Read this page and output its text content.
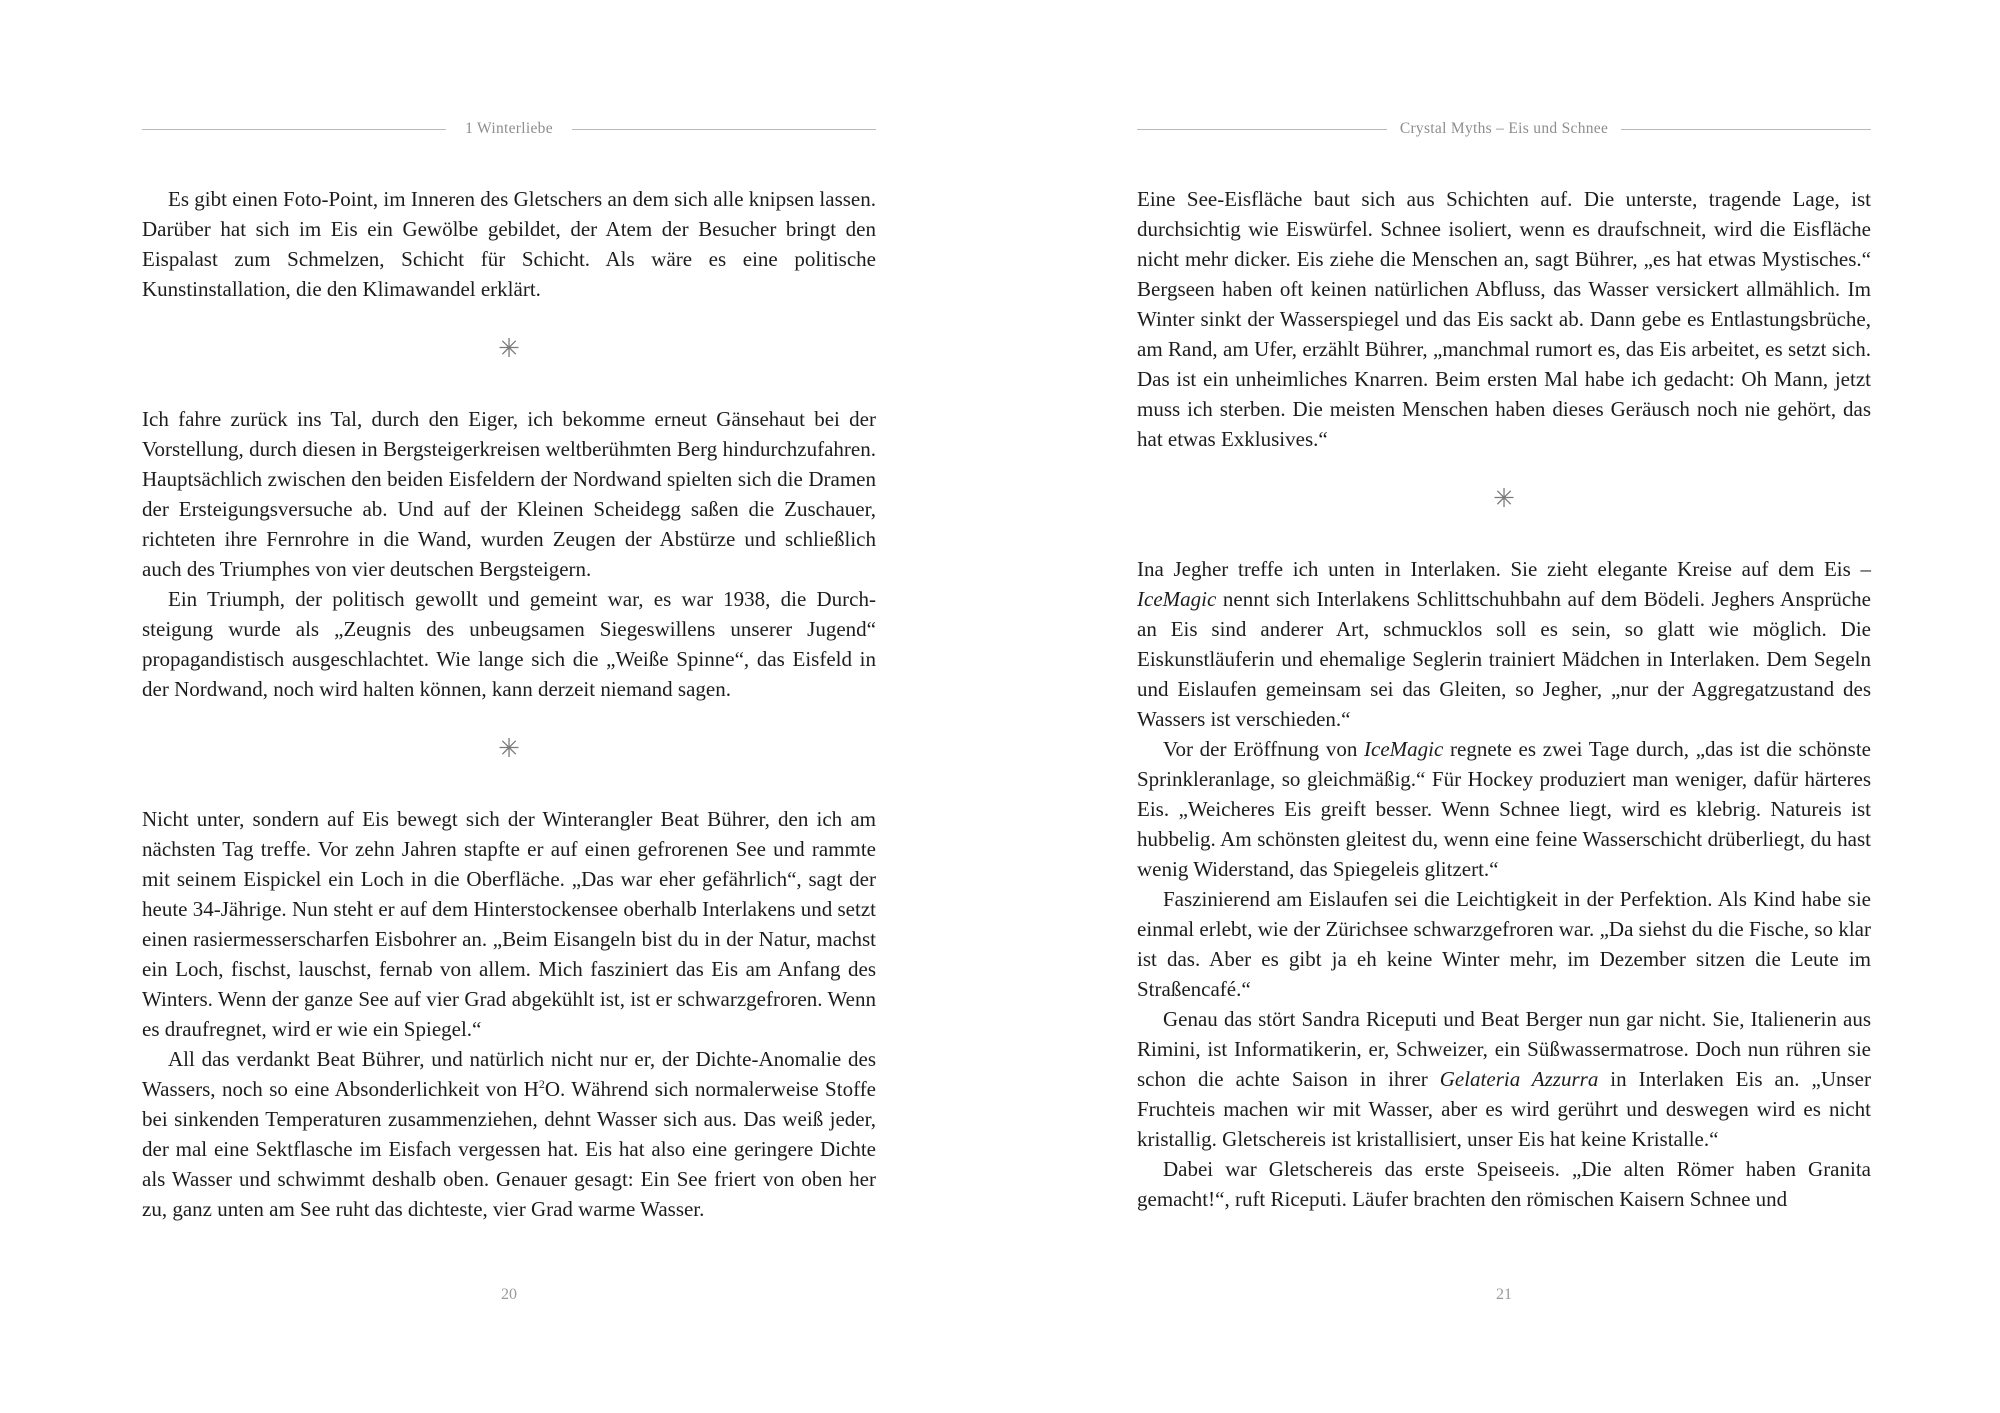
1 Winterliebe

Es gibt einen Foto-Point, im Inneren des Gletschers an dem sich alle knipsen lassen. Darüber hat sich im Eis ein Gewölbe gebildet, der Atem der Besucher bringt den Eispalast zum Schmelzen, Schicht für Schicht. Als wäre es eine politische Kunstinstallation, die den Klimawandel erklärt.

✳

Ich fahre zurück ins Tal, durch den Eiger, ich bekomme erneut Gänsehaut bei der Vorstellung, durch diesen in Bergsteigerkreisen weltberühmten Berg hindurchzufahren. Hauptsächlich zwischen den beiden Eisfeldern der Nordwand spielten sich die Dramen der Ersteigungsversuche ab. Und auf der Kleinen Scheidegg saßen die Zuschauer, richteten ihre Fernrohre in die Wand, wurden Zeugen der Abstürze und schließlich auch des Triumphes von vier deutschen Bergsteigern.

Ein Triumph, der politisch gewollt und gemeint war, es war 1938, die Durchsteigung wurde als „Zeugnis des unbeugsamen Siegeswillens unserer Jugend“ propagandistisch ausgeschlachtet. Wie lange sich die „Weiße Spinne“, das Eisfeld in der Nordwand, noch wird halten können, kann derzeit niemand sagen.

✳

Nicht unter, sondern auf Eis bewegt sich der Winterangler Beat Bührer, den ich am nächsten Tag treffe. Vor zehn Jahren stapfte er auf einen gefrorenen See und rammte mit seinem Eispickel ein Loch in die Oberfläche. „Das war eher gefährlich“, sagt der heute 34-Jährige. Nun steht er auf dem Hinterstockensee oberhalb Interlakens und setzt einen rasiermesserscharfen Eisbohrer an. „Beim Eisangeln bist du in der Natur, machst ein Loch, fischst, lauschst, fernab von allem. Mich fasziniert das Eis am Anfang des Winters. Wenn der ganze See auf vier Grad abgekühlt ist, ist er schwarzgefroren. Wenn es draufregnet, wird er wie ein Spiegel.“

All das verdankt Beat Bührer, und natürlich nicht nur er, der Dichte-Anomalie des Wassers, noch so eine Absonderlichkeit von $H^2O$. Während sich normalerweise Stoffe bei sinkenden Temperaturen zusammenziehen, dehnt Wasser sich aus. Das weiß jeder, der mal eine Sektflasche im Eisfach vergessen hat. Eis hat also eine geringere Dichte als Wasser und schwimmt deshalb oben. Genauer gesagt: Ein See friert von oben her zu, ganz unten am See ruht das dichteste, vier Grad warme Wasser.

20
Crystal Myths – Eis und Schnee

Eine See-Eisfläche baut sich aus Schichten auf. Die unterste, tragende Lage, ist durchsichtig wie Eiswürfel. Schnee isoliert, wenn es draufschneit, wird die Eisfläche nicht mehr dicker. Eis ziehe die Menschen an, sagt Bührer, „es hat etwas Mystisches.“ Bergseen haben oft keinen natürlichen Abfluss, das Wasser versickert allmählich. Im Winter sinkt der Wasserspiegel und das Eis sackt ab. Dann gebe es Entlastungsbrüche, am Rand, am Ufer, erzählt Bührer, „manchmal rumort es, das Eis arbeitet, es setzt sich. Das ist ein unheimliches Knarren. Beim ersten Mal habe ich gedacht: Oh Mann, jetzt muss ich sterben. Die meisten Menschen haben dieses Geräusch noch nie gehört, das hat etwas Exklusives.“

✳

Ina Jegher treffe ich unten in Interlaken. Sie zieht elegante Kreise auf dem Eis – IceMagic nennt sich Interlakens Schlittschuhbahn auf dem Bödeli. Jeghers Ansprüche an Eis sind anderer Art, schmucklos soll es sein, so glatt wie möglich. Die Eiskunstläuferin und ehemalige Seglerin trainiert Mädchen in Interlaken. Dem Segeln und Eislaufen gemeinsam sei das Gleiten, so Jegher, „nur der Aggregatzustand des Wassers ist verschieden.“

Vor der Eröffnung von IceMagic regnete es zwei Tage durch, „das ist die schönste Sprinkleranlage, so gleichmäßig.“ Für Hockey produziert man weniger, dafür härteres Eis. „Weicheres Eis greift besser. Wenn Schnee liegt, wird es klebrig. Natureis ist hubbelig. Am schönsten gleitest du, wenn eine feine Wasserschicht drüberliegt, du hast wenig Widerstand, das Spiegeleis glitzert.“

Faszinierend am Eislaufen sei die Leichtigkeit in der Perfektion. Als Kind habe sie einmal erlebt, wie der Zürichsee schwarzgefroren war. „Da siehst du die Fische, so klar ist das. Aber es gibt ja eh keine Winter mehr, im Dezember sitzen die Leute im Straßencafé.“

Genau das stört Sandra Riceputi und Beat Berger nun gar nicht. Sie, Italienerin aus Rimini, ist Informatikerin, er, Schweizer, ein Süßwassermatrose. Doch nun rühren sie schon die achte Saison in ihrer Gelateria Azzurra in Interlaken Eis an. „Unser Fruchteis machen wir mit Wasser, aber es wird gerührt und deswegen wird es nicht kristallig. Gletschereis ist kristallisiert, unser Eis hat keine Kristalle.“

Dabei war Gletschereis das erste Speiseeis. „Die alten Römer haben Granita gemacht!“, ruft Riceputi. Läufer brachten den römischen Kaisern Schnee und

21
